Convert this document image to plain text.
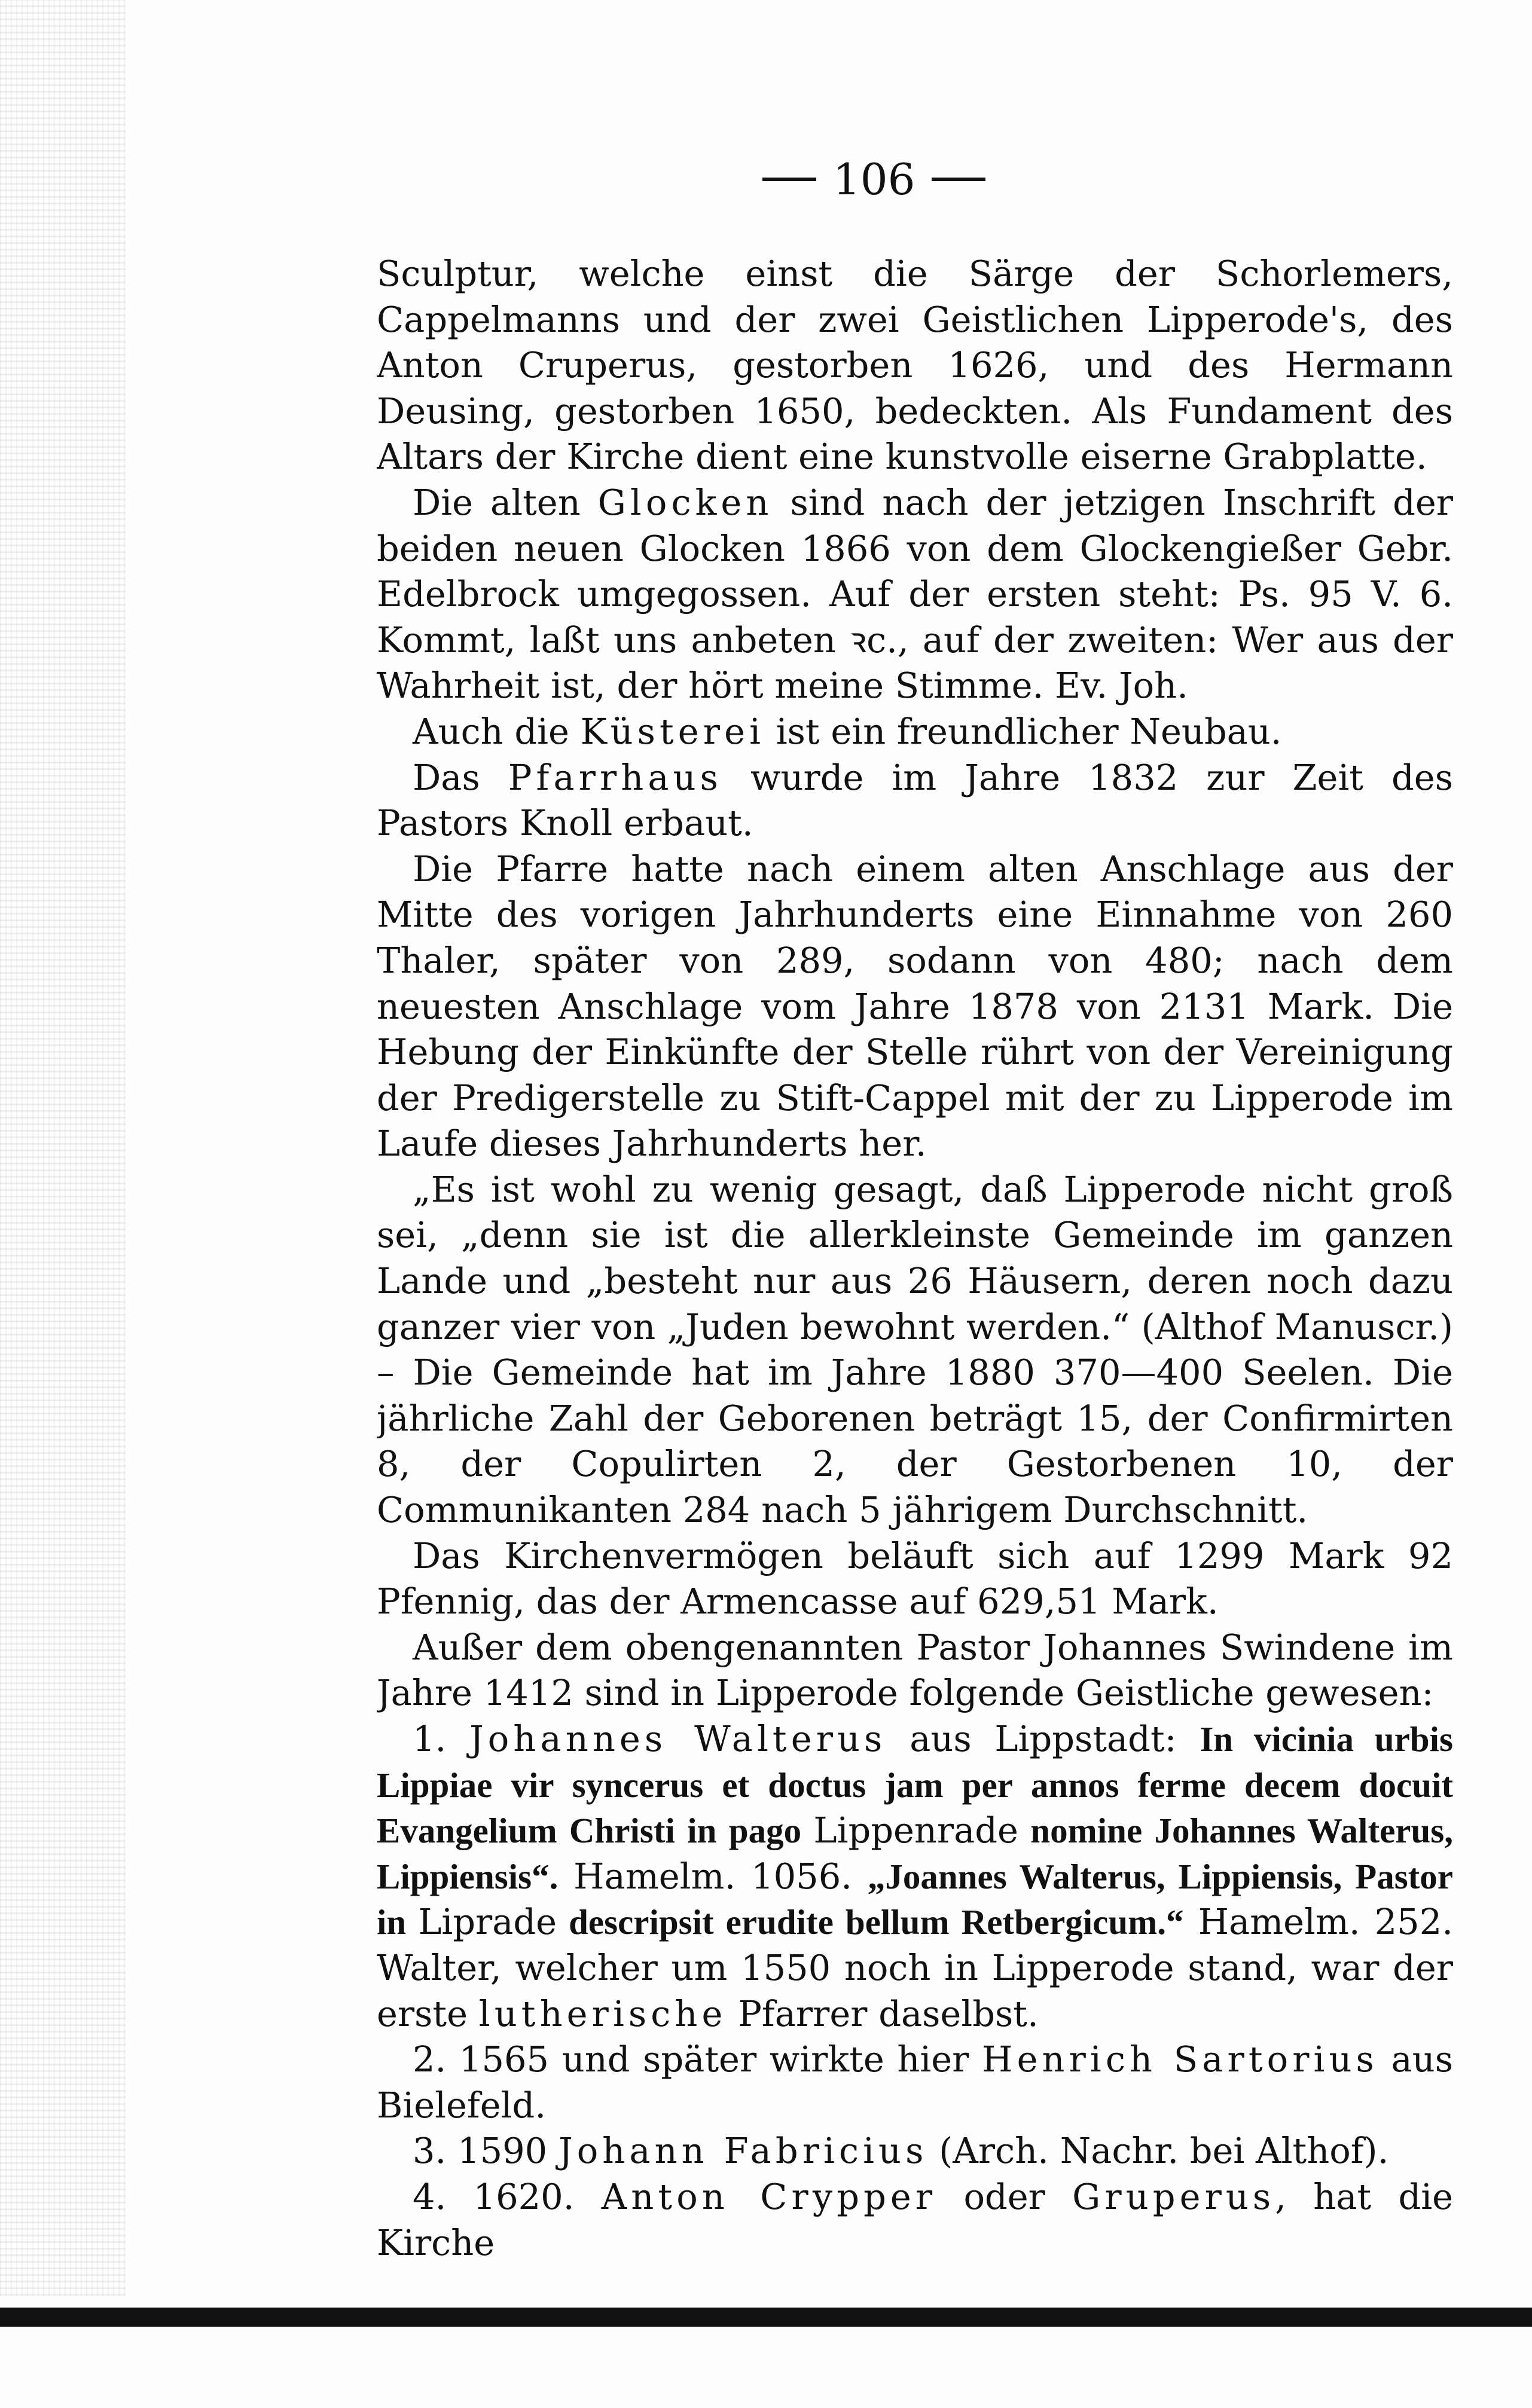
106

Sculptur, welche einst die Särge der Schorlemers, Cappelmanns und der zwei Geistlichen Lipperode's, des Anton Cruperus, gestorben 1626, und des Hermann Deusing, gestorben 1650, bedeckten. Als Fundament des Altars der Kirche dient eine kunstvolle eiserne Grabplatte.

Die alten Glocken sind nach der jetzigen Inschrift der beiden neuen Glocken 1866 von dem Glockengießer Gebr. Edelbrock umgegossen. Auf der ersten steht: Ps. 95 V. 6. Kommt, laßt uns anbeten ꝛc., auf der zweiten: Wer aus der Wahrheit ist, der hört meine Stimme. Ev. Joh.

Auch die Küsterei ist ein freundlicher Neubau.

Das Pfarrhaus wurde im Jahre 1832 zur Zeit des Pastors Knoll erbaut.

Die Pfarre hatte nach einem alten Anschlage aus der Mitte des vorigen Jahrhunderts eine Einnahme von 260 Thaler, später von 289, sodann von 480; nach dem neuesten Anschlage vom Jahre 1878 von 2131 Mark. Die Hebung der Einkünfte der Stelle rührt von der Vereinigung der Predigerstelle zu Stift-Cappel mit der zu Lipperode im Laufe dieses Jahrhunderts her.

„Es ist wohl zu wenig gesagt, daß Lipperode nicht groß sei, „denn sie ist die allerkleinste Gemeinde im ganzen Lande und „besteht nur aus 26 Häusern, deren noch dazu ganzer vier von „Juden bewohnt werden.“ (Althof Manuscr.) – Die Gemeinde hat im Jahre 1880 370—400 Seelen. Die jährliche Zahl der Geborenen beträgt 15, der Confirmirten 8, der Copulirten 2, der Gestorbenen 10, der Communikanten 284 nach 5 jährigem Durchschnitt.

Das Kirchenvermögen beläuft sich auf 1299 Mark 92 Pfennig, das der Armencasse auf 629,51 Mark.

Außer dem obengenannten Pastor Johannes Swindene im Jahre 1412 sind in Lipperode folgende Geistliche gewesen:

1. Johannes Walterus aus Lippstadt: In vicinia urbis Lippiae vir syncerus et doctus jam per annos ferme decem docuit Evangelium Christi in pago Lippenrade nomine Johannes Walterus, Lippiensis“. Hamelm. 1056. „Joannes Walterus, Lippiensis, Pastor in Liprade descripsit erudite bellum Retbergicum.“ Hamelm. 252. Walter, welcher um 1550 noch in Lipperode stand, war der erste lutherische Pfarrer daselbst.

2. 1565 und später wirkte hier Henrich Sartorius aus Bielefeld.

3. 1590 Johann Fabricius (Arch. Nachr. bei Althof).

4. 1620. Anton Crypper oder Gruperus, hat die Kirche
